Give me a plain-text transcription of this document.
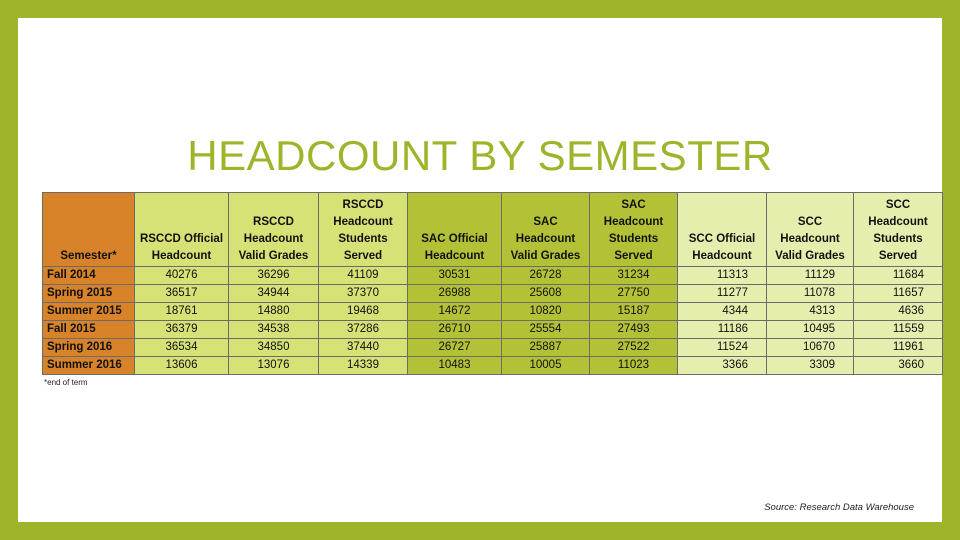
HEADCOUNT BY SEMESTER
Semester*	RSCCD Official Headcount	RSCCD Headcount Valid Grades	RSCCD Headcount Students Served	SAC Official Headcount	SAC Headcount Valid Grades	SAC Headcount Students Served	SCC Official Headcount	SCC Headcount Valid Grades	SCC Headcount Students Served
Fall 2014	40276	36296	41109	30531	26728	31234	11313	11129	11684
Spring 2015	36517	34944	37370	26988	25608	27750	11277	11078	11657
Summer 2015	18761	14880	19468	14672	10820	15187	4344	4313	4636
Fall 2015	36379	34538	37286	26710	25554	27493	11186	10495	11559
Spring 2016	36534	34850	37440	26727	25887	27522	11524	10670	11961
Summer 2016	13606	13076	14339	10483	10005	11023	3366	3309	3660
*end of term
Source: Research Data Warehouse
